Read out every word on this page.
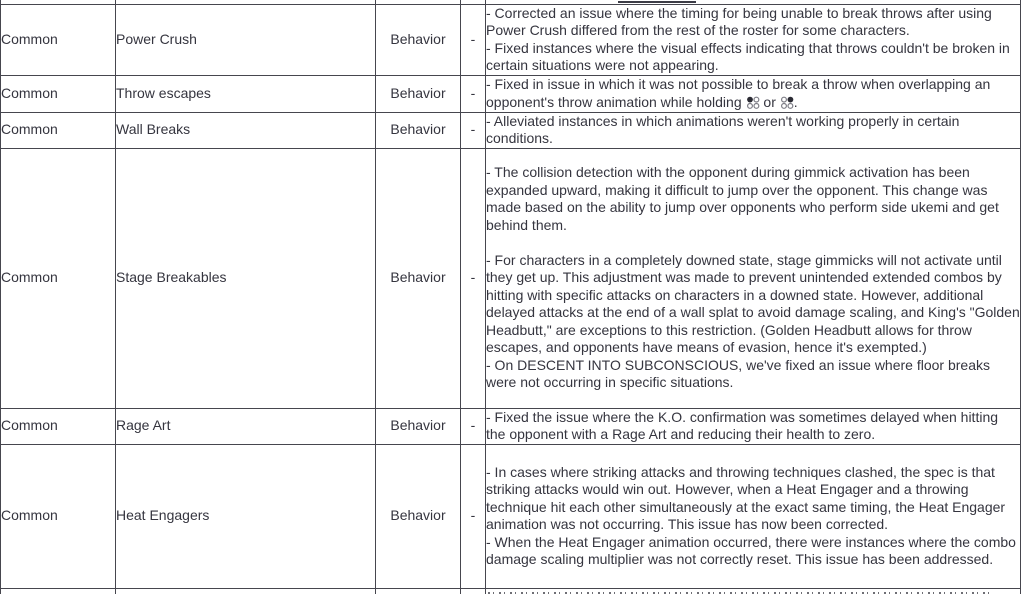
Common	Power Crush	Behavior	-	- Corrected an issue where the timing for being unable to break throws after using Power Crush differed from the rest of the roster for some characters.
- Fixed instances where the visual effects indicating that throws couldn't be broken in certain situations were not appearing.

Common	Throw escapes	Behavior	-	- Fixed in issue in which it was not possible to break a throw when overlapping an opponent's throw animation while holding  or .

Common	Wall Breaks	Behavior	-	- Alleviated instances in which animations weren't working properly in certain conditions.

Common	Stage Breakables	Behavior	-	- The collision detection with the opponent during gimmick activation has been expanded upward, making it difficult to jump over the opponent. This change was made based on the ability to jump over opponents who perform side ukemi and get behind them.
- For characters in a completely downed state, stage gimmicks will not activate until they get up. This adjustment was made to prevent unintended extended combos by hitting with specific attacks on characters in a downed state. However, additional delayed attacks at the end of a wall splat to avoid damage scaling, and King's "Golden Headbutt," are exceptions to this restriction. (Golden Headbutt allows for throw escapes, and opponents have means of evasion, hence it's exempted.)
- On DESCENT INTO SUBCONSCIOUS, we've fixed an issue where floor breaks were not occurring in specific situations.

Common	Rage Art	Behavior	-	- Fixed the issue where the K.O. confirmation was sometimes delayed when hitting the opponent with a Rage Art and reducing their health to zero.

Common	Heat Engagers	Behavior	-	- In cases where striking attacks and throwing techniques clashed, the spec is that striking attacks would win out. However, when a Heat Engager and a throwing technique hit each other simultaneously at the exact same timing, the Heat Engager animation was not occurring. This issue has now been corrected.
- When the Heat Engager animation occurred, there were instances where the combo damage scaling multiplier was not correctly reset. This issue has been addressed.
